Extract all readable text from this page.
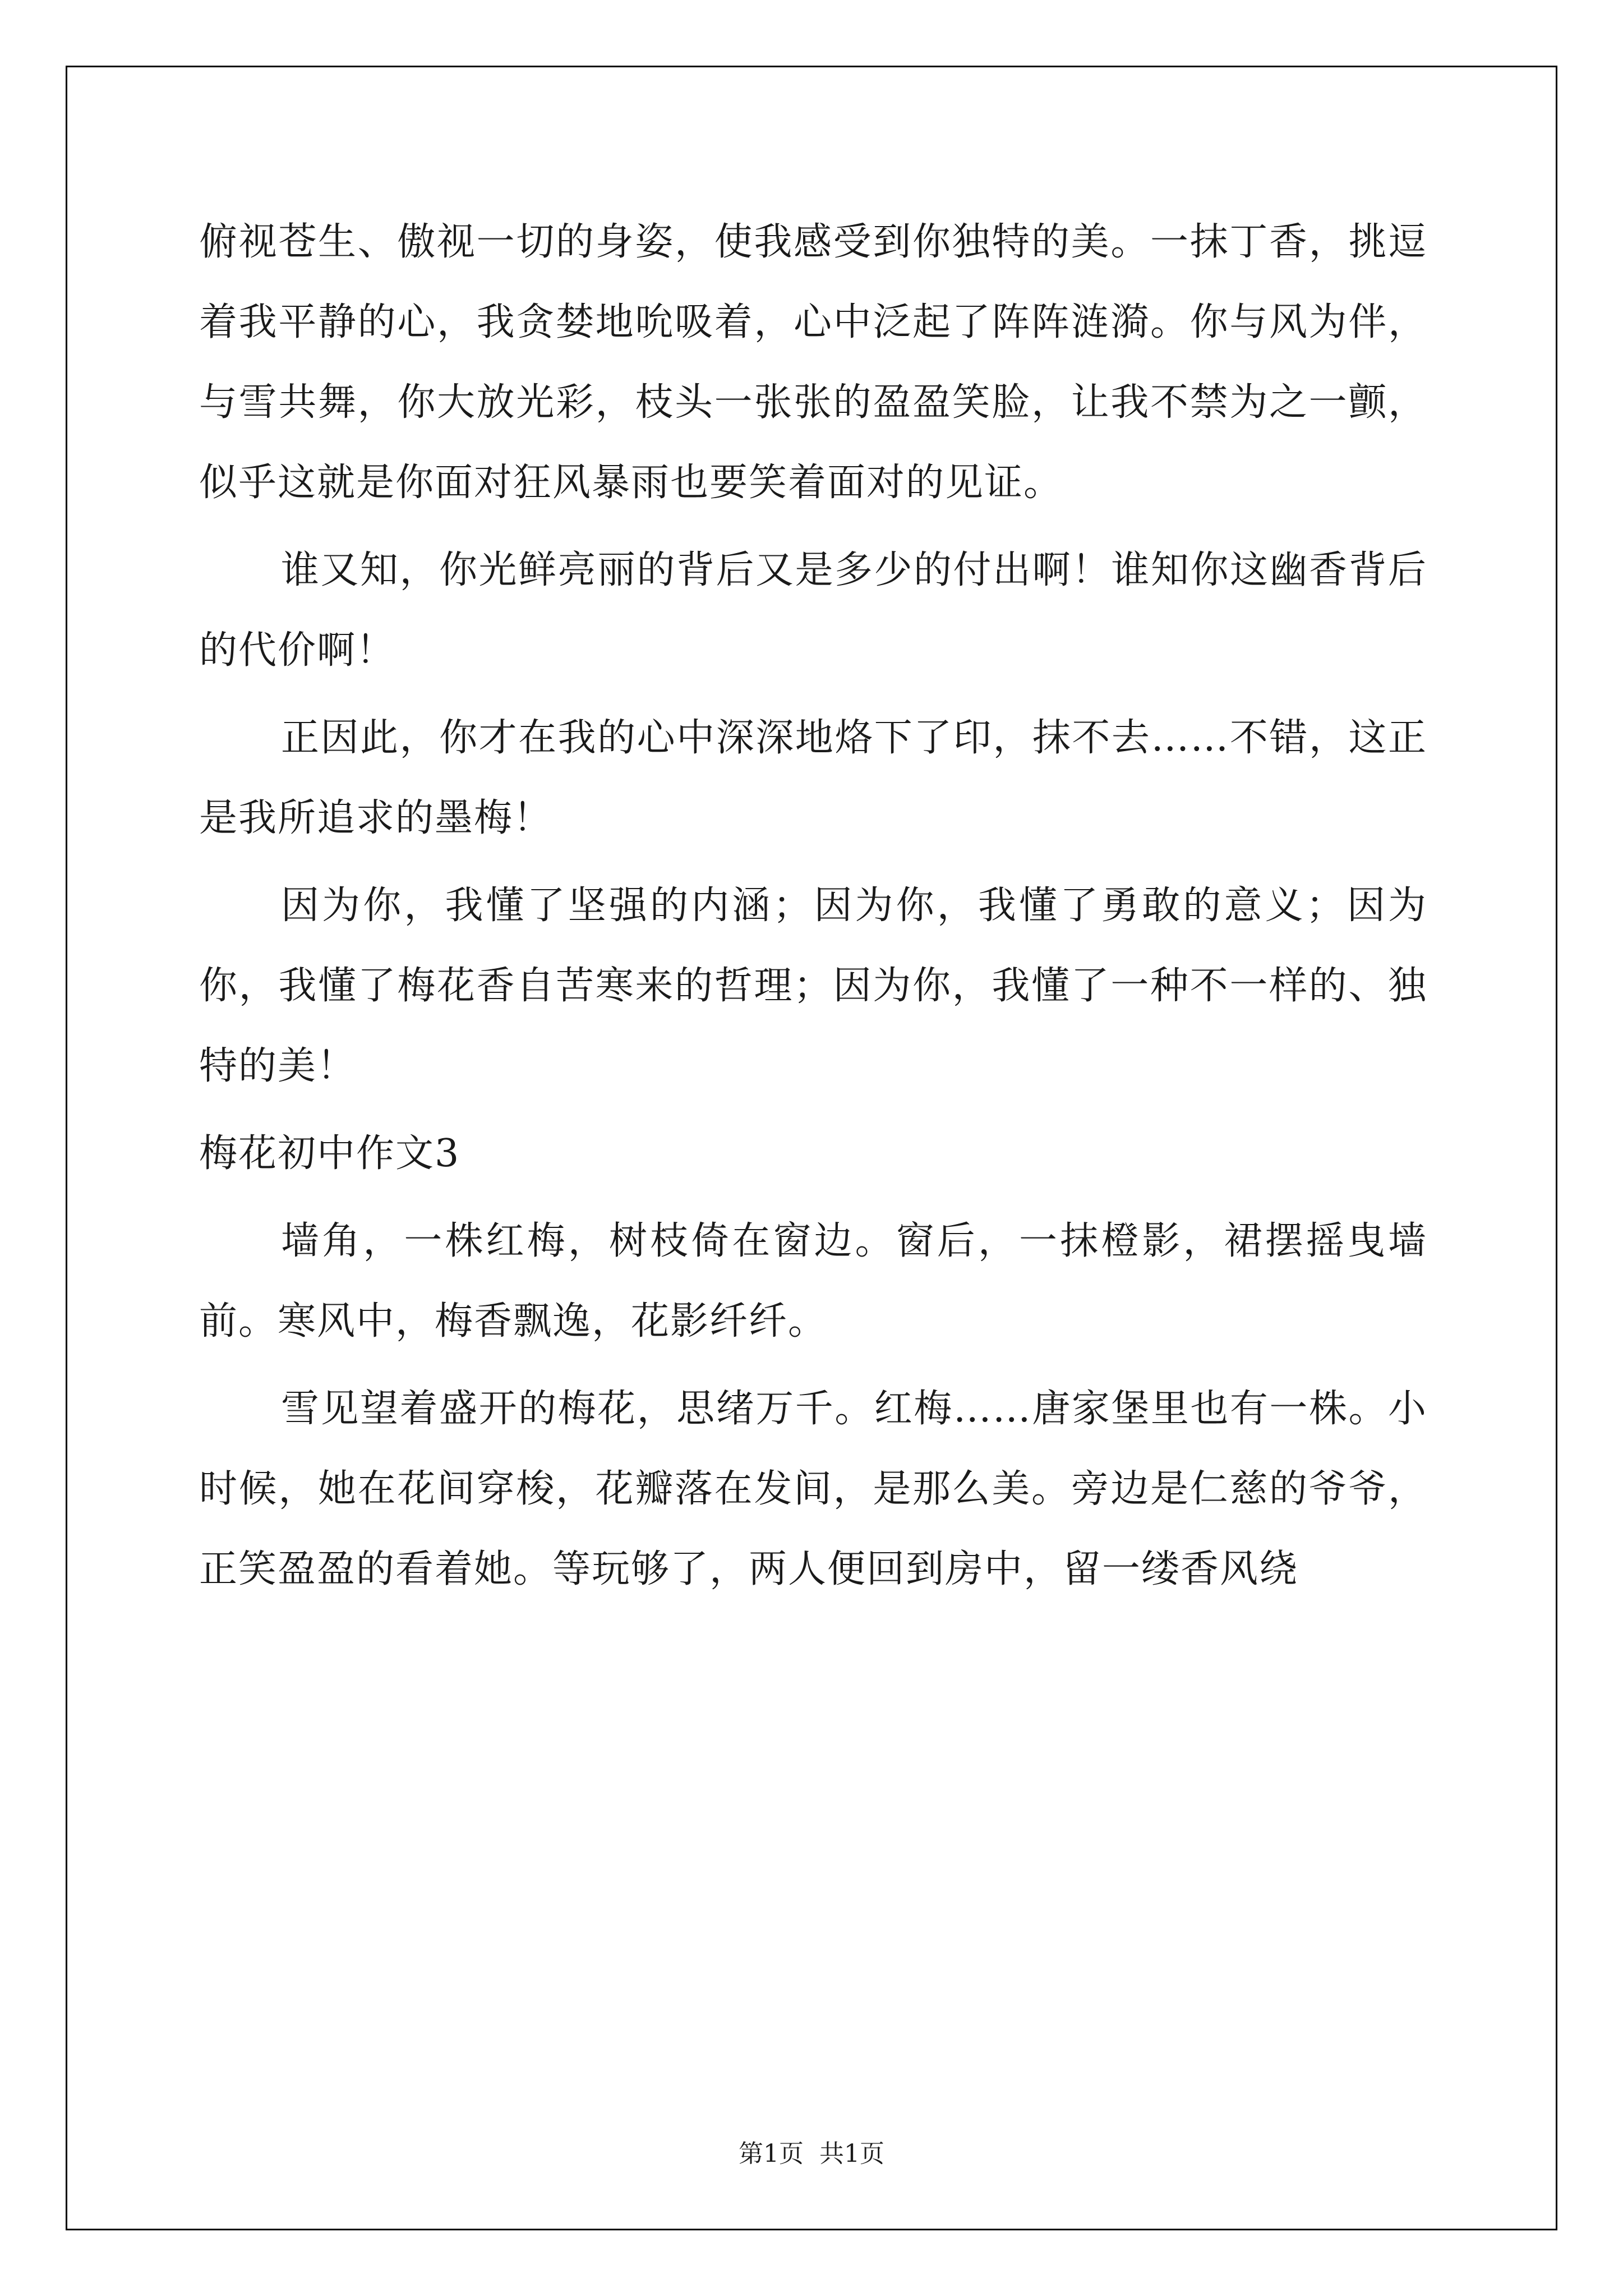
俯视苍生、傲视一切的身姿，使我感受到你独特的美。一抹丁香，挑逗着我平静的心，我贪婪地吮吸着，心中泛起了阵阵涟漪。你与风为伴，与雪共舞，你大放光彩，枝头一张张的盈盈笑脸，让我不禁为之一颤，似乎这就是你面对狂风暴雨也要笑着面对的见证。

谁又知，你光鲜亮丽的背后又是多少的付出啊！谁知你这幽香背后的代价啊！

正因此，你才在我的心中深深地烙下了印，抹不去……不错，这正是我所追求的墨梅！

因为你，我懂了坚强的内涵；因为你，我懂了勇敢的意义；因为你，我懂了梅花香自苦寒来的哲理；因为你，我懂了一种不一样的、独特的美！

梅花初中作文3

墙角，一株红梅，树枝倚在窗边。窗后，一抹橙影，裙摆摇曳墙前。寒风中，梅香飘逸，花影纤纤。

雪见望着盛开的梅花，思绪万千。红梅……唐家堡里也有一株。小时候，她在花间穿梭，花瓣落在发间，是那么美。旁边是仁慈的爷爷，正笑盈盈的看着她。等玩够了，两人便回到房中，留一缕香风绕

第1页 共1页
